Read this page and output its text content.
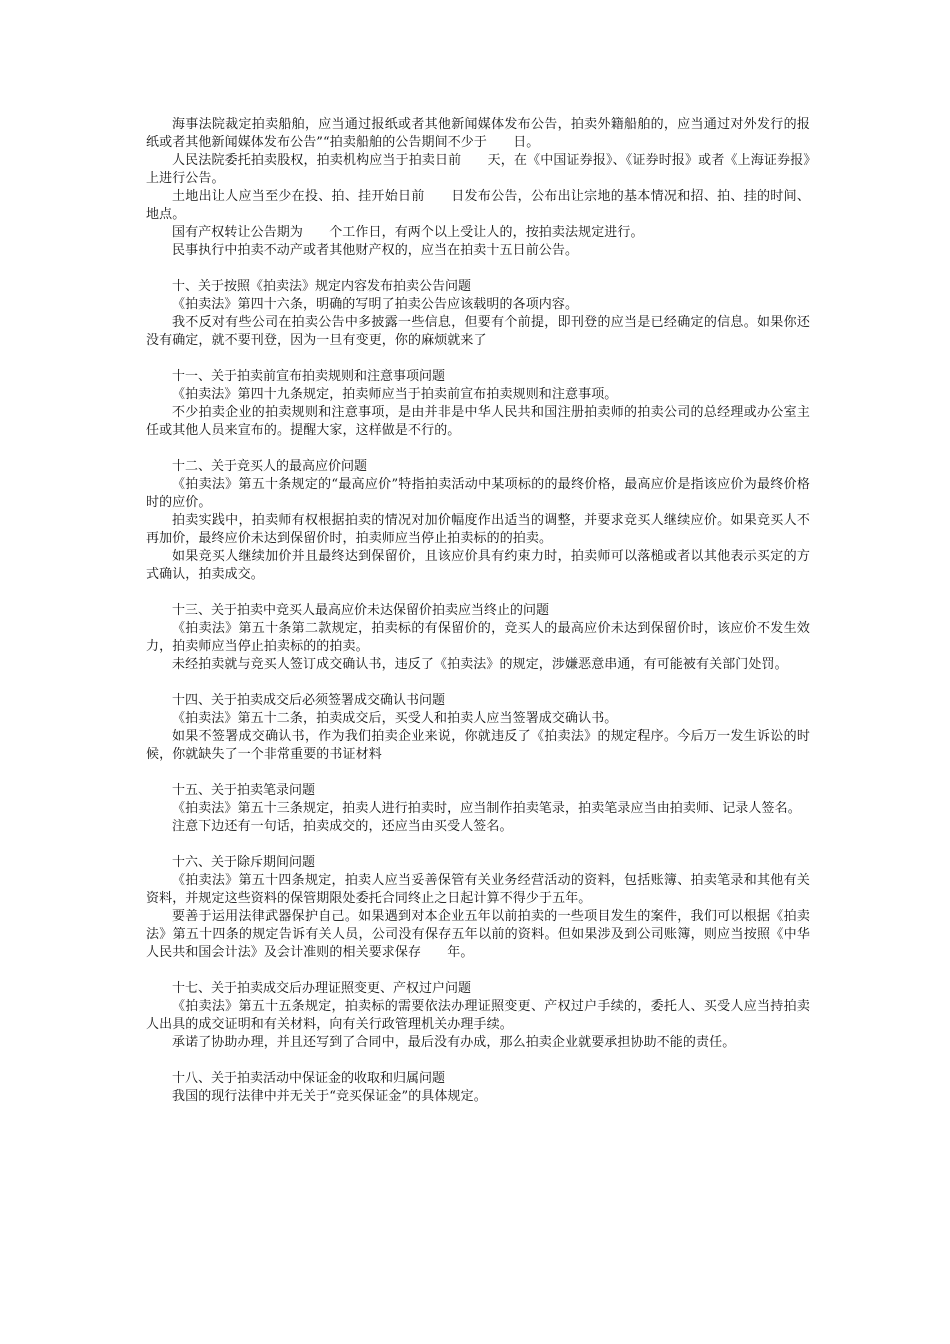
海事法院裁定拍卖船舶，应当通过报纸或者其他新闻媒体发布公告，拍卖外籍船舶的，应当通过对外发行的报纸或者其他新闻媒体发布公告”“拍卖船舶的公告期间不少于　　日。

人民法院委托拍卖股权，拍卖机构应当于拍卖日前　　天，在《中国证券报》、《证券时报》或者《上海证券报》上进行公告。

土地出让人应当至少在投、拍、挂开始日前　　日发布公告，公布出让宗地的基本情况和招、拍、挂的时间、地点。

国有产权转让公告期为　　个工作日，有两个以上受让人的，按拍卖法规定进行。

民事执行中拍卖不动产或者其他财产权的，应当在拍卖十五日前公告。

十、关于按照《拍卖法》规定内容发布拍卖公告问题

《拍卖法》第四十六条，明确的写明了拍卖公告应该载明的各项内容。

我不反对有些公司在拍卖公告中多披露一些信息，但要有个前提，即刊登的应当是已经确定的信息。如果你还没有确定，就不要刊登，因为一旦有变更，你的麻烦就来了

十一、关于拍卖前宣布拍卖规则和注意事项问题

《拍卖法》第四十九条规定，拍卖师应当于拍卖前宣布拍卖规则和注意事项。

不少拍卖企业的拍卖规则和注意事项，是由并非是中华人民共和国注册拍卖师的拍卖公司的总经理或办公室主任或其他人员来宣布的。提醒大家，这样做是不行的。

十二、关于竞买人的最高应价问题

《拍卖法》第五十条规定的“最高应价”特指拍卖活动中某项标的的最终价格，最高应价是指该应价为最终价格时的应价。

拍卖实践中，拍卖师有权根据拍卖的情况对加价幅度作出适当的调整，并要求竞买人继续应价。如果竞买人不再加价，最终应价未达到保留价时，拍卖师应当停止拍卖标的的拍卖。

如果竞买人继续加价并且最终达到保留价，且该应价具有约束力时，拍卖师可以落槌或者以其他表示买定的方式确认，拍卖成交。

十三、关于拍卖中竞买人最高应价未达保留价拍卖应当终止的问题

《拍卖法》第五十条第二款规定，拍卖标的有保留价的，竞买人的最高应价未达到保留价时，该应价不发生效力，拍卖师应当停止拍卖标的的拍卖。

未经拍卖就与竞买人签订成交确认书，违反了《拍卖法》的规定，涉嫌恶意串通，有可能被有关部门处罚。

十四、关于拍卖成交后必须签署成交确认书问题

《拍卖法》第五十二条，拍卖成交后，买受人和拍卖人应当签署成交确认书。

如果不签署成交确认书，作为我们拍卖企业来说，你就违反了《拍卖法》的规定程序。今后万一发生诉讼的时候，你就缺失了一个非常重要的书证材料

十五、关于拍卖笔录问题

《拍卖法》第五十三条规定，拍卖人进行拍卖时，应当制作拍卖笔录，拍卖笔录应当由拍卖师、记录人签名。

注意下边还有一句话，拍卖成交的，还应当由买受人签名。

十六、关于除斥期间问题

《拍卖法》第五十四条规定，拍卖人应当妥善保管有关业务经营活动的资料，包括账簿、拍卖笔录和其他有关资料，并规定这些资料的保管期限处委托合同终止之日起计算不得少于五年。

要善于运用法律武器保护自己。如果遇到对本企业五年以前拍卖的一些项目发生的案件，我们可以根据《拍卖法》第五十四条的规定告诉有关人员，公司没有保存五年以前的资料。但如果涉及到公司账簿，则应当按照《中华人民共和国会计法》及会计准则的相关要求保存　　年。

十七、关于拍卖成交后办理证照变更、产权过户问题

《拍卖法》第五十五条规定，拍卖标的需要依法办理证照变更、产权过户手续的，委托人、买受人应当持拍卖人出具的成交证明和有关材料，向有关行政管理机关办理手续。

承诺了协助办理，并且还写到了合同中，最后没有办成，那么拍卖企业就要承担协助不能的责任。

十八、关于拍卖活动中保证金的收取和归属问题

我国的现行法律中并无关于“竞买保证金”的具体规定。
